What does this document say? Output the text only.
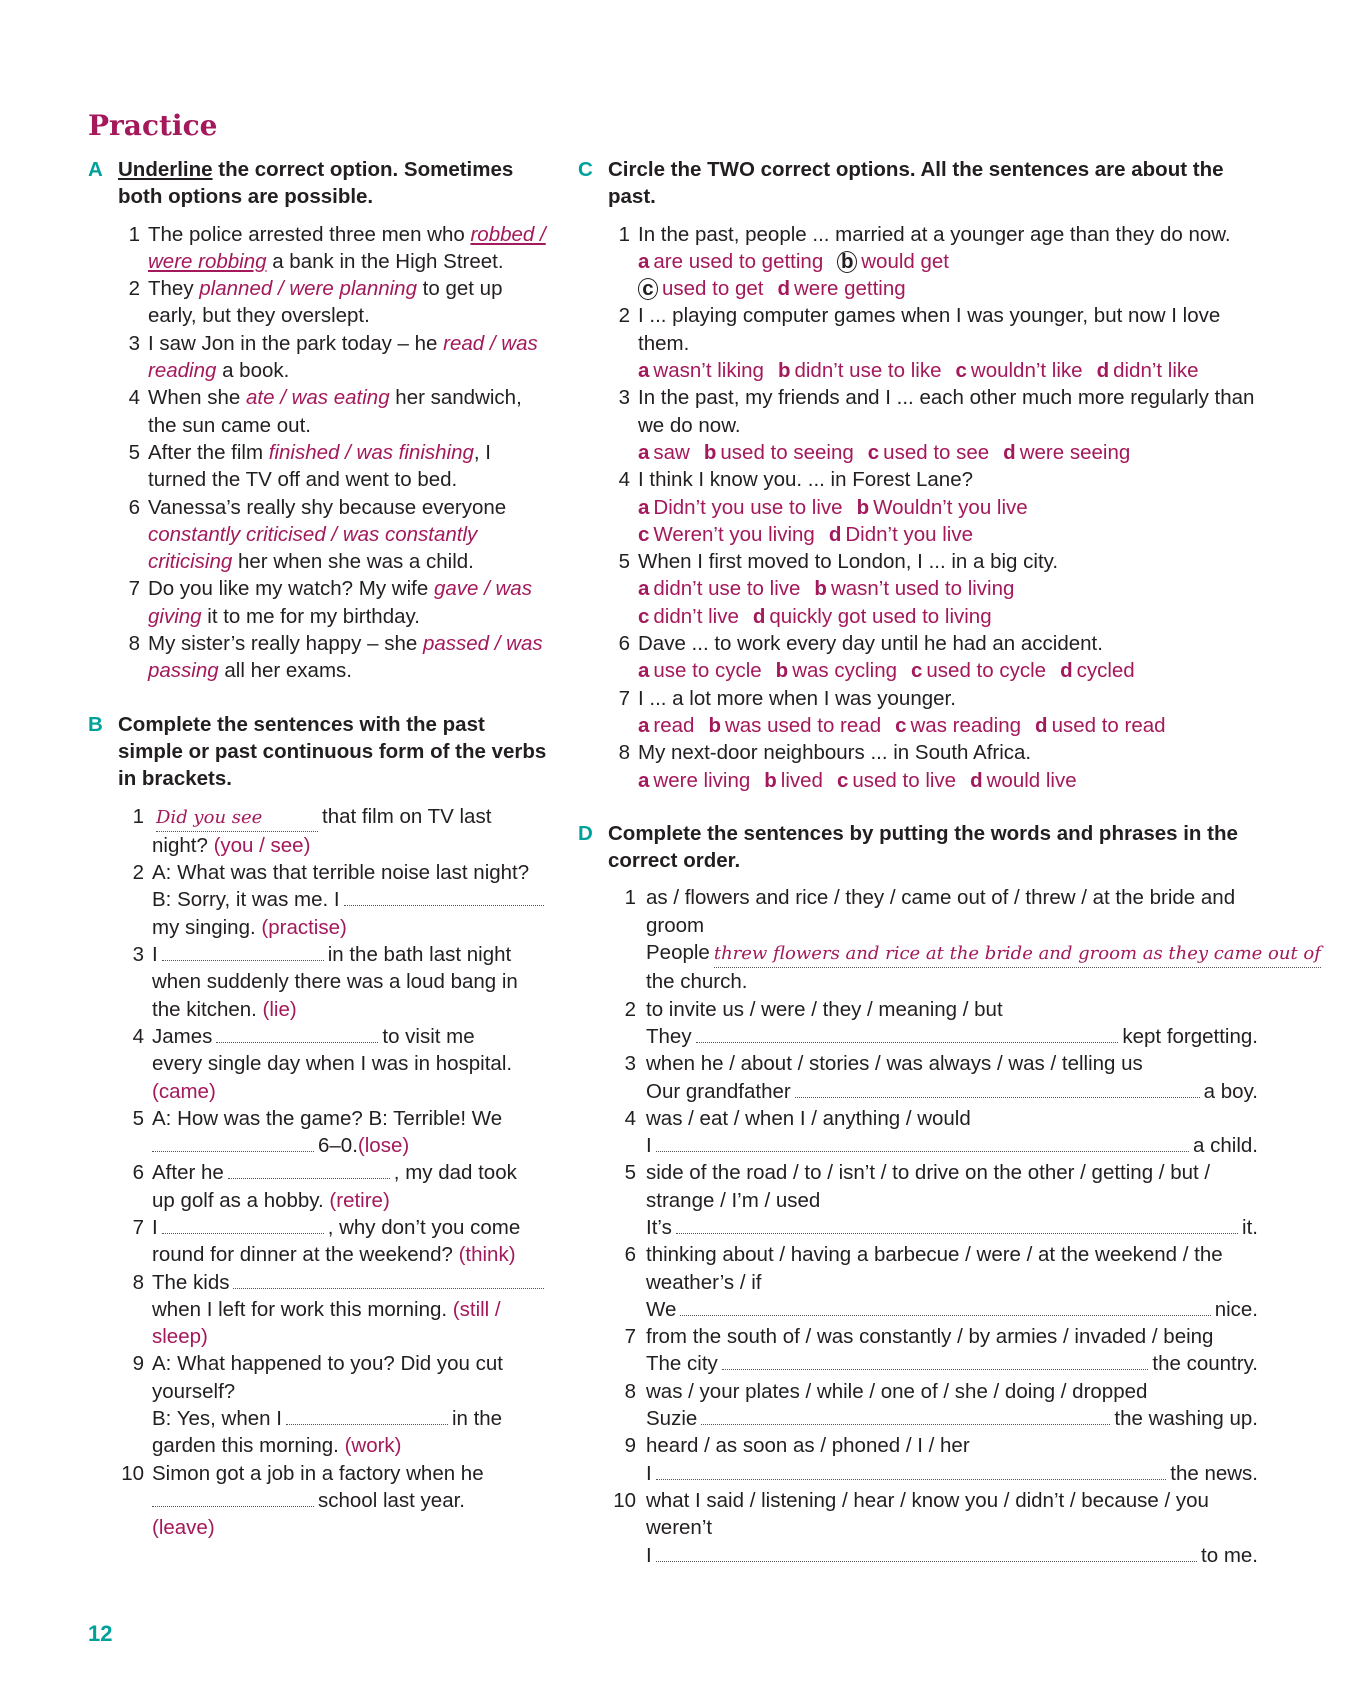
Practice
A Underline the correct option. Sometimes both options are possible.
1 The police arrested three men who robbed / were robbing a bank in the High Street.
2 They planned / were planning to get up early, but they overslept.
3 I saw Jon in the park today – he read / was reading a book.
4 When she ate / was eating her sandwich, the sun came out.
5 After the film finished / was finishing, I turned the TV off and went to bed.
6 Vanessa’s really shy because everyone constantly criticised / was constantly criticising her when she was a child.
7 Do you like my watch? My wife gave / was giving it to me for my birthday.
8 My sister’s really happy – she passed / was passing all her exams.
B Complete the sentences with the past simple or past continuous form of the verbs in brackets.
1 Did you see	that film on TV last
night? (you / see)
2 A: What was that terrible noise last night?
B: Sorry, it was me. I
my singing. (practise)
3 I	in the bath last night
when suddenly there was a loud bang in the kitchen. (lie)
4 James	to visit me
every single day when I was in hospital. (came)
5 A: How was the game? B: Terrible! We
6–0. (lose)
6 After he	, my dad took
up golf as a hobby. (retire)
7 I	, why don’t you come
round for dinner at the weekend? (think)
8 The kids
when I left for work this morning. (still / sleep)
9 A: What happened to you? Did you cut yourself?
B: Yes, when I	in the
garden this morning. (work)
10 Simon got a job in a factory when he
school last year.
(leave)
C Circle the TWO correct options. All the sentences are about the past.
1 In the past, people ... married at a younger age than they do now.
a are used to getting b would get
c used to get d were getting
2 I ... playing computer games when I was younger, but now I love them.
a wasn’t liking b didn’t use to like c wouldn’t like d didn’t like
3 In the past, my friends and I ... each other much more regularly than we do now.
a saw b used to seeing c used to see d were seeing
4 I think I know you. ... in Forest Lane?
a Didn’t you use to live b Wouldn’t you live
c Weren’t you living d Didn’t you live
5 When I first moved to London, I ... in a big city.
a didn’t use to live b wasn’t used to living
c didn’t live d quickly got used to living
6 Dave ... to work every day until he had an accident.
a use to cycle b was cycling c used to cycle d cycled
7 I ... a lot more when I was younger.
a read b was used to read c was reading d used to read
8 My next-door neighbours ... in South Africa.
a were living b lived c used to live d would live
D Complete the sentences by putting the words and phrases in the correct order.
1 as / flowers and rice / they / came out of / threw / at the bride and groom
People threw flowers and rice at the bride and groom as they came out of
the church.
2 to invite us / were / they / meaning / but
They	kept forgetting.
3 when he / about / stories / was always / was / telling us
Our grandfather	a boy.
4 was / eat / when I / anything / would
I	a child.
5 side of the road / to / isn’t / to drive on the other / getting / but / strange / I’m / used
It’s	it.
6 thinking about / having a barbecue / were / at the weekend / the weather’s / if
We	nice.
7 from the south of / was constantly / by armies / invaded / being
The city	the country.
8 was / your plates / while / one of / she / doing / dropped
Suzie	the washing up.
9 heard / as soon as / phoned / I / her
I	the news.
10 what I said / listening / hear / know you / didn’t / because / you weren’t
I	to me.
12
